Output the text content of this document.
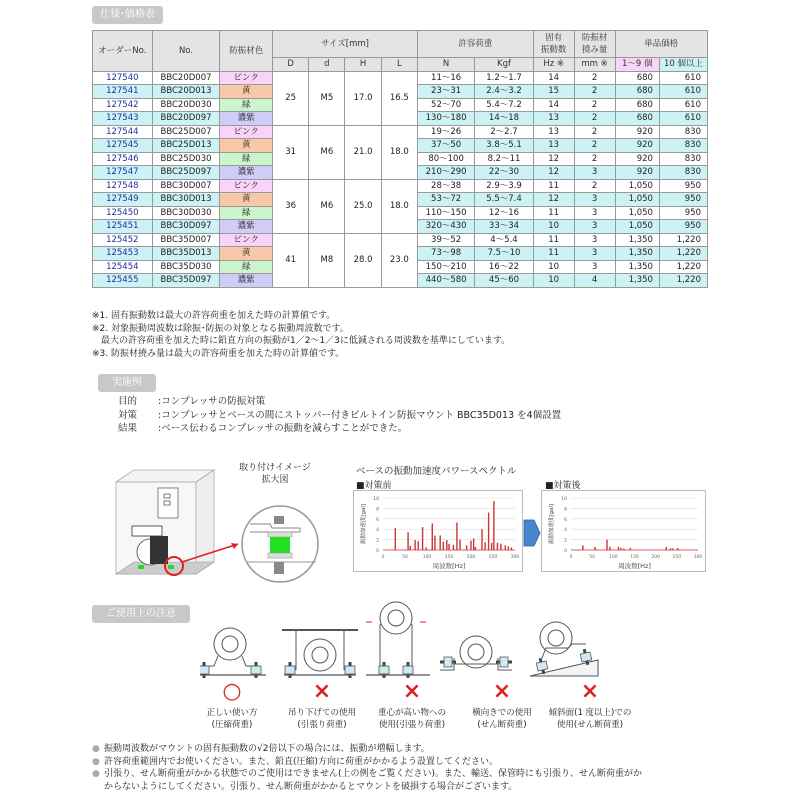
仕様･価格表
オーダーNo.	No.	防振材色	サイズ[mm]				許容荷重		固有
振動数	防振材
撓み量	単品価格	
			D	d	H	L	N	Kgf	Hz ※	mm ※	1～9 個	10 個以上
127540	BBC20D007	ピンク	25	M5	17.0	16.5	11～16	1.2～1.7	14	2	680	610
127541	BBC20D013	黄					23～31	2.4～3.2	15	2	680	610
127542	BBC20D030	緑					52～70	5.4～7.2	14	2	680	610
127543	BBC20D097	濃紫					130～180	14～18	13	2	680	610
127544	BBC25D007	ピンク	31	M6	21.0	18.0	19～26	2～2.7	13	2	920	830
127545	BBC25D013	黄					37～50	3.8～5.1	13	2	920	830
127546	BBC25D030	緑					80～100	8.2～11	12	2	920	830
127547	BBC25D097	濃紫					210～290	22～30	12	3	920	830
127548	BBC30D007	ピンク	36	M6	25.0	18.0	28～38	2.9～3.9	11	2	1,050	950
127549	BBC30D013	黄					53～72	5.5～7.4	12	3	1,050	950
125450	BBC30D030	緑					110～150	12～16	11	3	1,050	950
125451	BBC30D097	濃紫					320～430	33～34	10	3	1,050	950
125452	BBC35D007	ピンク	41	M8	28.0	23.0	39～52	4～5.4	11	3	1,350	1,220
125453	BBC35D013	黄					73～98	7.5～10	11	3	1,350	1,220
125454	BBC35D030	緑					150～210	16～22	10	3	1,350	1,220
125455	BBC35D097	濃紫					440～580	45～60	10	4	1,350	1,220
※1. 固有振動数は最大の許容荷重を加えた時の計算値です。
※2. 対象振動周波数は除振･防振の対象となる振動周波数です。
　最大の許容荷重を加えた時に鉛直方向の振動が1／2～1／3に低減される周波数を基準にしています。
※3. 防振材撓み量は最大の許容荷重を加えた時の計算値です。
実施例
目的	:コンプレッサの防振対策
対策	:コンプレッサとベースの間にストッパー付きビルトイン防振マウント BBC35D013 を4個設置
結果	:ベース伝わるコンプレッサの振動を減らすことができた。
取り付けイメージ
拡大図
ベースの振動加速度パワースペクトル
■対策前	■対策後
0
2
4
6
8
10
0	50	100	150	200	250	300
周波数[Hz]
振動加速度[gal]
0
2
4
6
8
10
0	50	100	150	200	250	300
周波数[Hz]
振動加速度[gal]
ご使用上の注意
○
正しい使い方
(圧縮荷重)
×
吊り下げての使用
(引張り荷重)
×
重心が高い物への
使用(引張り荷重)
×
横向きでの使用
(せん断荷重)
×
傾斜面(1 度以上)での
使用(せん断荷重)
● 振動周波数がマウントの固有振動数の√2倍以下の場合には、振動が増幅します。
● 許容荷重範囲内でお使いください。また、鉛直(圧縮)方向に荷重がかかるよう設置してください。
● 引張り、せん断荷重がかかる状態でのご使用はできません(上の例をご覧ください)。また、輸送、保管時にも引張り、せん断荷重がか
からないようにしてください。引張り、せん断荷重がかかるとマウントを破損する場合がございます。
